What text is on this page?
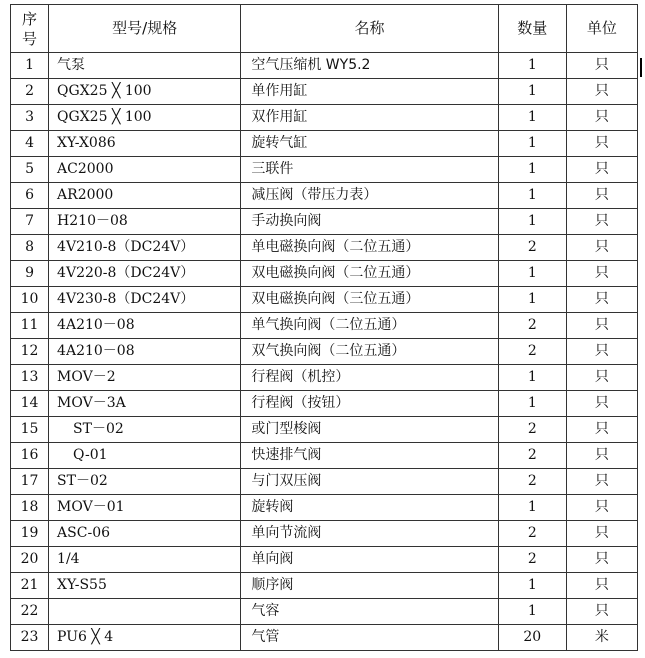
序
号	型号/规格	名称	数量	单位
1	气泵	空气压缩机 WY5.2	1	只
2	QGX25 ╳ 100	单作用缸	1	只
3	QGX25 ╳ 100	双作用缸	1	只
4	XY-X086	旋转气缸	1	只
5	AC2000	三联件	1	只
6	AR2000	减压阀（带压力表）	1	只
7	H210－08	手动换向阀	1	只
8	4V210-8（DC24V）	单电磁换向阀（二位五通）	2	只
9	4V220-8（DC24V）	双电磁换向阀（二位五通）	1	只
10	4V230-8（DC24V）	双电磁换向阀（三位五通）	1	只
11	4A210－08	单气换向阀（二位五通）	2	只
12	4A210－08	双气换向阀（二位五通）	2	只
13	MOV－2	行程阀（机控）	1	只
14	MOV－3A	行程阀（按钮）	1	只
15	ST－02	或门型梭阀	2	只
16	Q-01	快速排气阀	2	只
17	ST－02	与门双压阀	2	只
18	MOV－01	旋转阀	1	只
19	ASC-06	单向节流阀	2	只
20	1/4	单向阀	2	只
21	XY-S55	顺序阀	1	只
22		气容	1	只
23	PU6 ╳ 4	气管	20	米
